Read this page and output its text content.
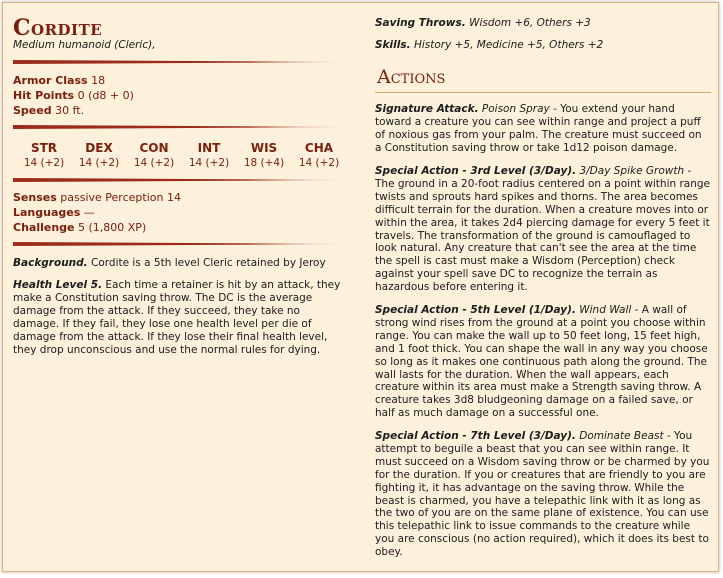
Cordite
Medium humanoid (Cleric),
Armor Class 18
Hit Points 0 (d8 + 0)
Speed 30 ft.
STR
14 (+2)
DEX
14 (+2)
CON
14 (+2)
INT
14 (+2)
WIS
18 (+4)
CHA
14 (+2)
Senses passive Perception 14
Languages —
Challenge 5 (1,800 XP)
Background. Cordite is a 5th level Cleric retained by Jeroy
Health Level 5. Each time a retainer is hit by an attack, they make a Constitution saving throw. The DC is the average damage from the attack. If they succeed, they take no damage. If they fail, they lose one health level per die of damage from the attack. If they lose their final health level, they drop unconscious and use the normal rules for dying.
Saving Throws. Wisdom +6, Others +3
Skills. History +5, Medicine +5, Others +2
Actions
Signature Attack. Poison Spray - You extend your hand toward a creature you can see within range and project a puff of noxious gas from your palm. The creature must succeed on a Constitution saving throw or take 1d12 poison damage.
Special Action - 3rd Level (3/Day). 3/Day Spike Growth - The ground in a 20-foot radius centered on a point within range twists and sprouts hard spikes and thorns. The area becomes difficult terrain for the duration. When a creature moves into or within the area, it takes 2d4 piercing damage for every 5 feet it travels. The transformation of the ground is camouflaged to look natural. Any creature that can't see the area at the time the spell is cast must make a Wisdom (Perception) check against your spell save DC to recognize the terrain as hazardous before entering it.
Special Action - 5th Level (1/Day). Wind Wall - A wall of strong wind rises from the ground at a point you choose within range. You can make the wall up to 50 feet long, 15 feet high, and 1 foot thick. You can shape the wall in any way you choose so long as it makes one continuous path along the ground. The wall lasts for the duration. When the wall appears, each creature within its area must make a Strength saving throw. A creature takes 3d8 bludgeoning damage on a failed save, or half as much damage on a successful one.
Special Action - 7th Level (3/Day). Dominate Beast - You attempt to beguile a beast that you can see within range. It must succeed on a Wisdom saving throw or be charmed by you for the duration. If you or creatures that are friendly to you are fighting it, it has advantage on the saving throw. While the beast is charmed, you have a telepathic link with it as long as the two of you are on the same plane of existence. You can use this telepathic link to issue commands to the creature while you are conscious (no action required), which it does its best to obey.
